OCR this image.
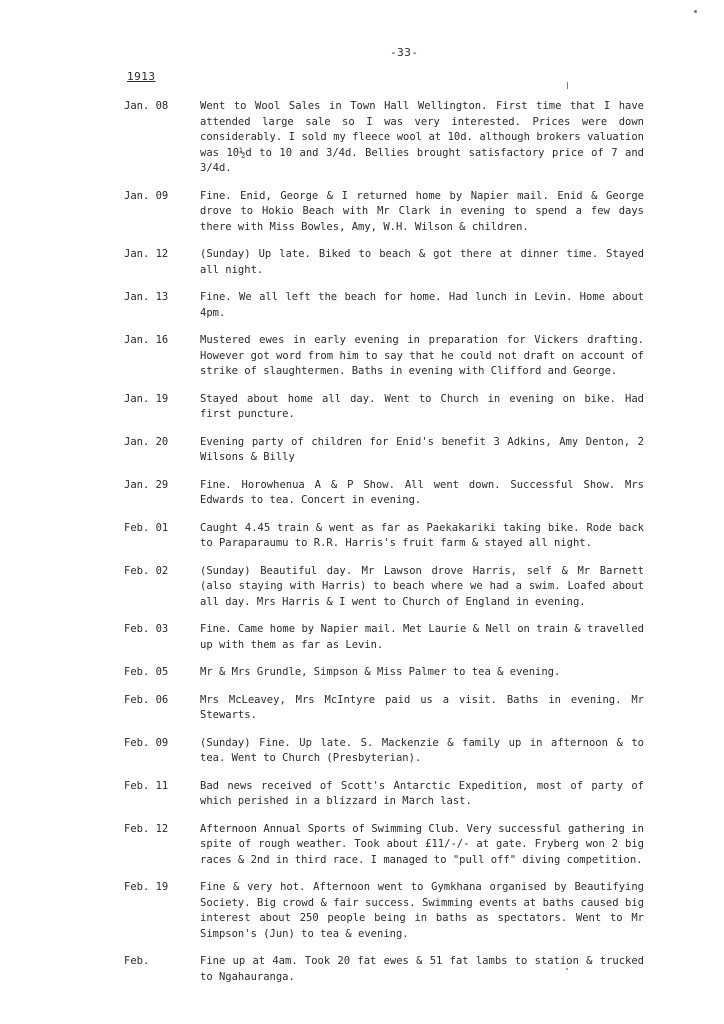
-33-
1913
Jan. 08	Went to Wool Sales in Town Hall Wellington. First time that I have attended large sale so I was very interested. Prices were down considerably. I sold my fleece wool at 10d. although brokers valuation was 10½d to 10 and 3/4d. Bellies brought satisfactory price of 7 and 3/4d.
Jan. 09	Fine. Enid, George & I returned home by Napier mail. Enid & George drove to Hokio Beach with Mr Clark in evening to spend a few days there with Miss Bowles, Amy, W.H. Wilson & children.
Jan. 12	(Sunday) Up late. Biked to beach & got there at dinner time. Stayed all night.
Jan. 13	Fine. We all left the beach for home. Had lunch in Levin. Home about 4pm.
Jan. 16	Mustered ewes in early evening in preparation for Vickers drafting. However got word from him to say that he could not draft on account of strike of slaughtermen. Baths in evening with Clifford and George.
Jan. 19	Stayed about home all day. Went to Church in evening on bike. Had first puncture.
Jan. 20	Evening party of children for Enid's benefit 3 Adkins, Amy Denton, 2 Wilsons & Billy
Jan. 29	Fine. Horowhenua A & P Show. All went down. Successful Show. Mrs Edwards to tea. Concert in evening.
Feb. 01	Caught 4.45 train & went as far as Paekakariki taking bike. Rode back to Paraparaumu to R.R. Harris's fruit farm & stayed all night.
Feb. 02	(Sunday) Beautiful day. Mr Lawson drove Harris, self & Mr Barnett (also staying with Harris) to beach where we had a swim. Loafed about all day. Mrs Harris & I went to Church of England in evening.
Feb. 03	Fine. Came home by Napier mail. Met Laurie & Nell on train & travelled up with them as far as Levin.
Feb. 05	Mr & Mrs Grundle, Simpson & Miss Palmer to tea & evening.
Feb. 06	Mrs McLeavey, Mrs McIntyre paid us a visit. Baths in evening. Mr Stewarts.
Feb. 09	(Sunday) Fine. Up late. S. Mackenzie & family up in afternoon & to tea. Went to Church (Presbyterian).
Feb. 11	Bad news received of Scott's Antarctic Expedition, most of party of which perished in a blizzard in March last.
Feb. 12	Afternoon Annual Sports of Swimming Club. Very successful gathering in spite of rough weather. Took about £11/-/- at gate. Fryberg won 2 big races & 2nd in third race. I managed to "pull off" diving competition.
Feb. 19	Fine & very hot. Afternoon went to Gymkhana organised by Beautifying Society. Big crowd & fair success. Swimming events at baths caused big interest about 250 people being in baths as spectators. Went to Mr Simpson's (Jun) to tea & evening.
Feb.	Fine up at 4am. Took 20 fat ewes & 51 fat lambs to station & trucked to Ngahauranga.
